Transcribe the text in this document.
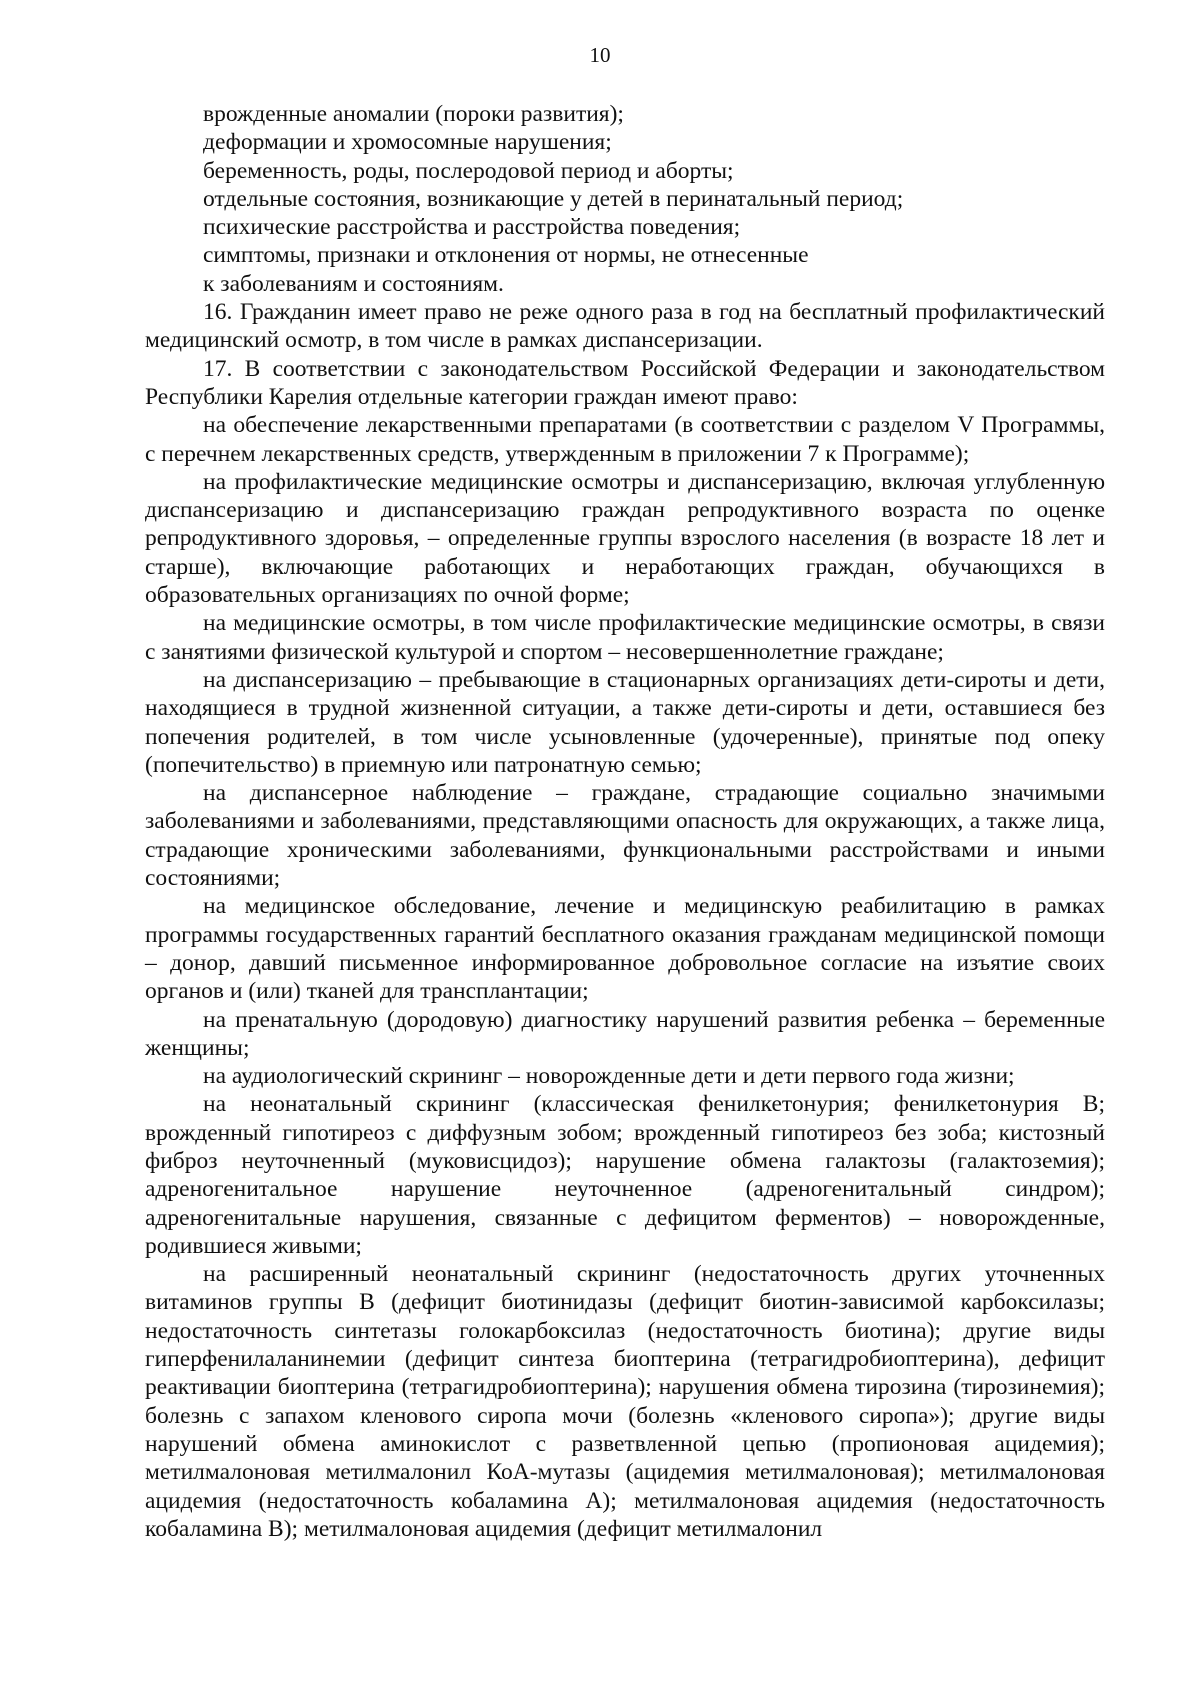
10
врожденные аномалии (пороки развития);
деформации и хромосомные нарушения;
беременность, роды, послеродовой период и аборты;
отдельные состояния, возникающие у детей в перинатальный период;
психические расстройства и расстройства поведения;
симптомы, признаки и отклонения от нормы, не отнесенные
к заболеваниям и состояниям.

16. Гражданин имеет право не реже одного раза в год на бесплатный профилактический медицинский осмотр, в том числе в рамках диспансеризации.

17. В соответствии с законодательством Российской Федерации и законодательством Республики Карелия отдельные категории граждан имеют право:

на обеспечение лекарственными препаратами (в соответствии с разделом V Программы, с перечнем лекарственных средств, утвержденным в приложении 7 к Программе);

на профилактические медицинские осмотры и диспансеризацию, включая углубленную диспансеризацию и диспансеризацию граждан репродуктивного возраста по оценке репродуктивного здоровья, – определенные группы взрослого населения (в возрасте 18 лет и старше), включающие работающих и неработающих граждан, обучающихся в образовательных организациях по очной форме;

на медицинские осмотры, в том числе профилактические медицинские осмотры, в связи с занятиями физической культурой и спортом – несовершеннолетние граждане;

на диспансеризацию – пребывающие в стационарных организациях дети-сироты и дети, находящиеся в трудной жизненной ситуации, а также дети-сироты и дети, оставшиеся без попечения родителей, в том числе усыновленные (удочеренные), принятые под опеку (попечительство) в приемную или патронатную семью;

на диспансерное наблюдение – граждане, страдающие социально значимыми заболеваниями и заболеваниями, представляющими опасность для окружающих, а также лица, страдающие хроническими заболеваниями, функциональными расстройствами и иными состояниями;

на медицинское обследование, лечение и медицинскую реабилитацию в рамках программы государственных гарантий бесплатного оказания гражданам медицинской помощи – донор, давший письменное информированное добровольное согласие на изъятие своих органов и (или) тканей для трансплантации;

на пренатальную (дородовую) диагностику нарушений развития ребенка – беременные женщины;

на аудиологический скрининг – новорожденные дети и дети первого года жизни;

на неонатальный скрининг (классическая фенилкетонурия; фенилкетонурия B; врожденный гипотиреоз с диффузным зобом; врожденный гипотиреоз без зоба; кистозный фиброз неуточненный (муковисцидоз); нарушение обмена галактозы (галактоземия); адреногенитальное нарушение неуточненное (адреногенитальный синдром); адреногенитальные нарушения, связанные с дефицитом ферментов) – новорожденные, родившиеся живыми;

на расширенный неонатальный скрининг (недостаточность других уточненных витаминов группы B (дефицит биотинидазы (дефицит биотин-зависимой карбоксилазы; недостаточность синтетазы голокарбоксилаз (недостаточность биотина); другие виды гиперфенилаланинемии (дефицит синтеза биоптерина (тетрагидробиоптерина), дефицит реактивации биоптерина (тетрагидробиоптерина); нарушения обмена тирозина (тирозинемия); болезнь с запахом кленового сиропа мочи (болезнь «кленового сиропа»); другие виды нарушений обмена аминокислот с разветвленной цепью (пропионовая ацидемия); метилмалоновая метилмалонил КоА-мутазы (ацидемия метилмалоновая); метилмалоновая ацидемия (недостаточность кобаламина A); метилмалоновая ацидемия (недостаточность кобаламина B); метилмалоновая ацидемия (дефицит метилмалонил
